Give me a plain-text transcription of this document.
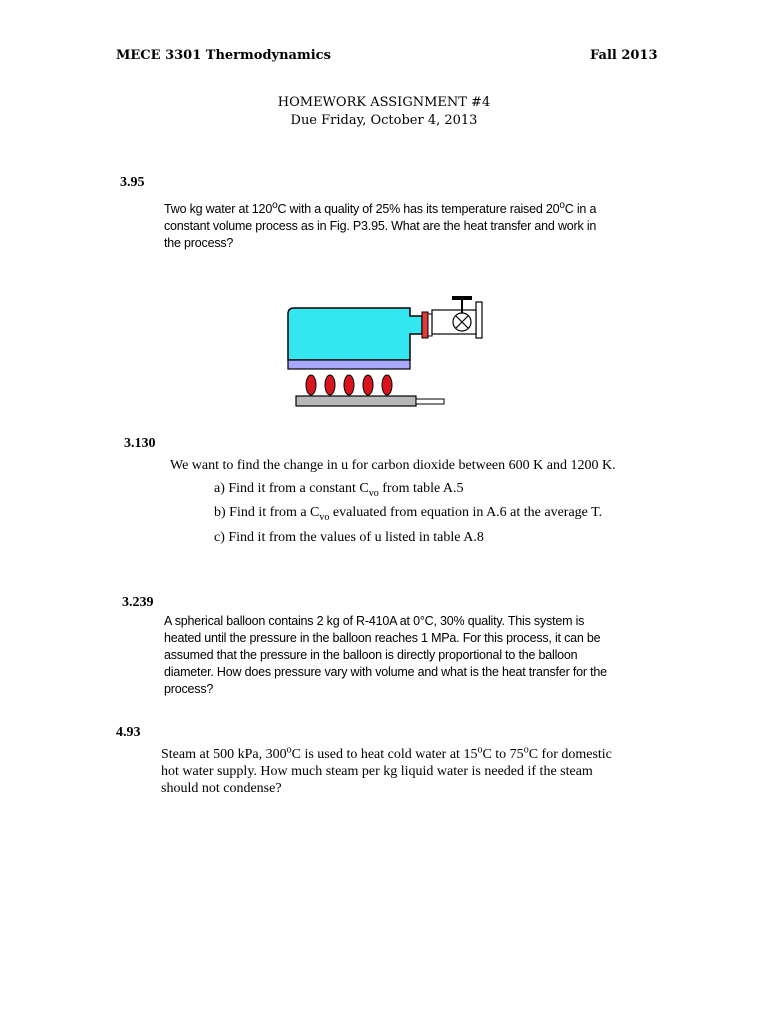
MECE 3301 Thermodynamics	Fall 2013
HOMEWORK ASSIGNMENT #4
Due Friday, October 4, 2013
3.95
Two kg water at 120$^o$C with a quality of 25% has its temperature raised 20$^o$C in a
constant volume process as in Fig. P3.95. What are the heat transfer and work in
the process?
3.130
We want to find the change in u for carbon dioxide between 600 K and 1200 K.
a) Find it from a constant $C_{vo}$ from table A.5
b) Find it from a $C_{vo}$ evaluated from equation in A.6 at the average T.
c) Find it from the values of u listed in table A.8
3.239
A spherical balloon contains 2 kg of R-410A at 0°C, 30% quality. This system is
heated until the pressure in the balloon reaches 1 MPa. For this process, it can be
assumed that the pressure in the balloon is directly proportional to the balloon
diameter. How does pressure vary with volume and what is the heat transfer for the
process?
4.93
Steam at 500 kPa, 300$^o$C is used to heat cold water at 15$^o$C to 75$^o$C for domestic
hot water supply. How much steam per kg liquid water is needed if the steam
should not condense?
